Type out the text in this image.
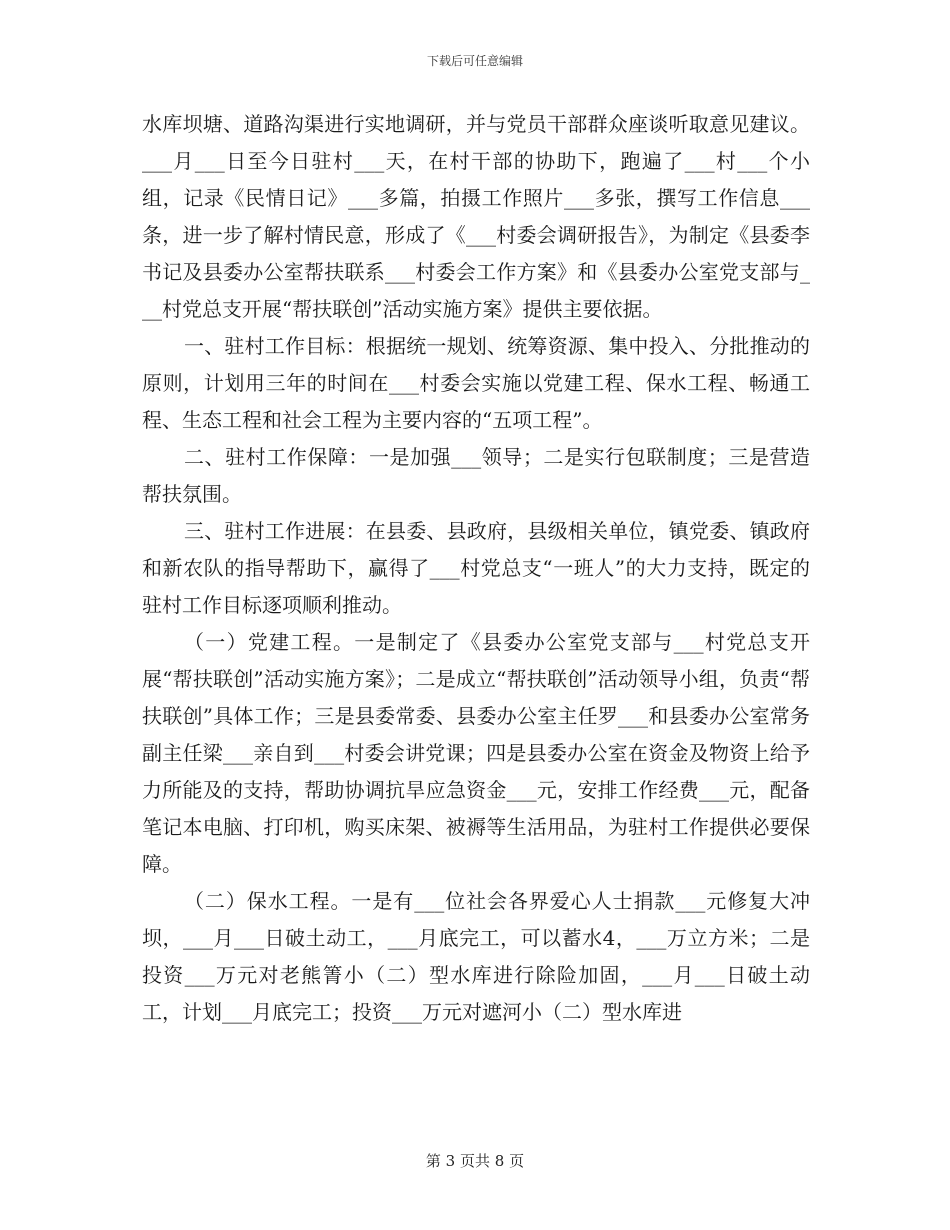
下载后可任意编辑

水库坝塘、道路沟渠进行实地调研，并与党员干部群众座谈听取意见建议。___月___日至今日驻村___天，在村干部的协助下，跑遍了___村___个小组，记录《民情日记》___多篇，拍摄工作照片___多张，撰写工作信息___条，进一步了解村情民意，形成了《___村委会调研报告》，为制定《县委李书记及县委办公室帮扶联系___村委会工作方案》和《县委办公室党支部与___村党总支开展“帮扶联创”活动实施方案》提供主要依据。

一、驻村工作目标：根据统一规划、统筹资源、集中投入、分批推动的原则，计划用三年的时间在___村委会实施以党建工程、保水工程、畅通工程、生态工程和社会工程为主要内容的“五项工程”。

二、驻村工作保障：一是加强___领导；二是实行包联制度；三是营造帮扶氛围。

三、驻村工作进展：在县委、县政府，县级相关单位，镇党委、镇政府和新农队的指导帮助下，赢得了___村党总支“一班人”的大力支持，既定的驻村工作目标逐项顺利推动。

（一）党建工程。一是制定了《县委办公室党支部与___村党总支开展“帮扶联创”活动实施方案》；二是成立“帮扶联创”活动领导小组，负责“帮扶联创”具体工作；三是县委常委、县委办公室主任罗___和县委办公室常务副主任梁___亲自到___村委会讲党课；四是县委办公室在资金及物资上给予力所能及的支持，帮助协调抗旱应急资金___元，安排工作经费___元，配备笔记本电脑、打印机，购买床架、被褥等生活用品，为驻村工作提供必要保障。

（二）保水工程。一是有___位社会各界爱心人士捐款___元修复大冲坝，___月___日破土动工，___月底完工，可以蓄水4，___万立方米；二是投资___万元对老熊箐小（二）型水库进行除险加固，___月___日破土动工，计划___月底完工；投资___万元对遮河小（二）型水库进

第 3 页共 8 页
